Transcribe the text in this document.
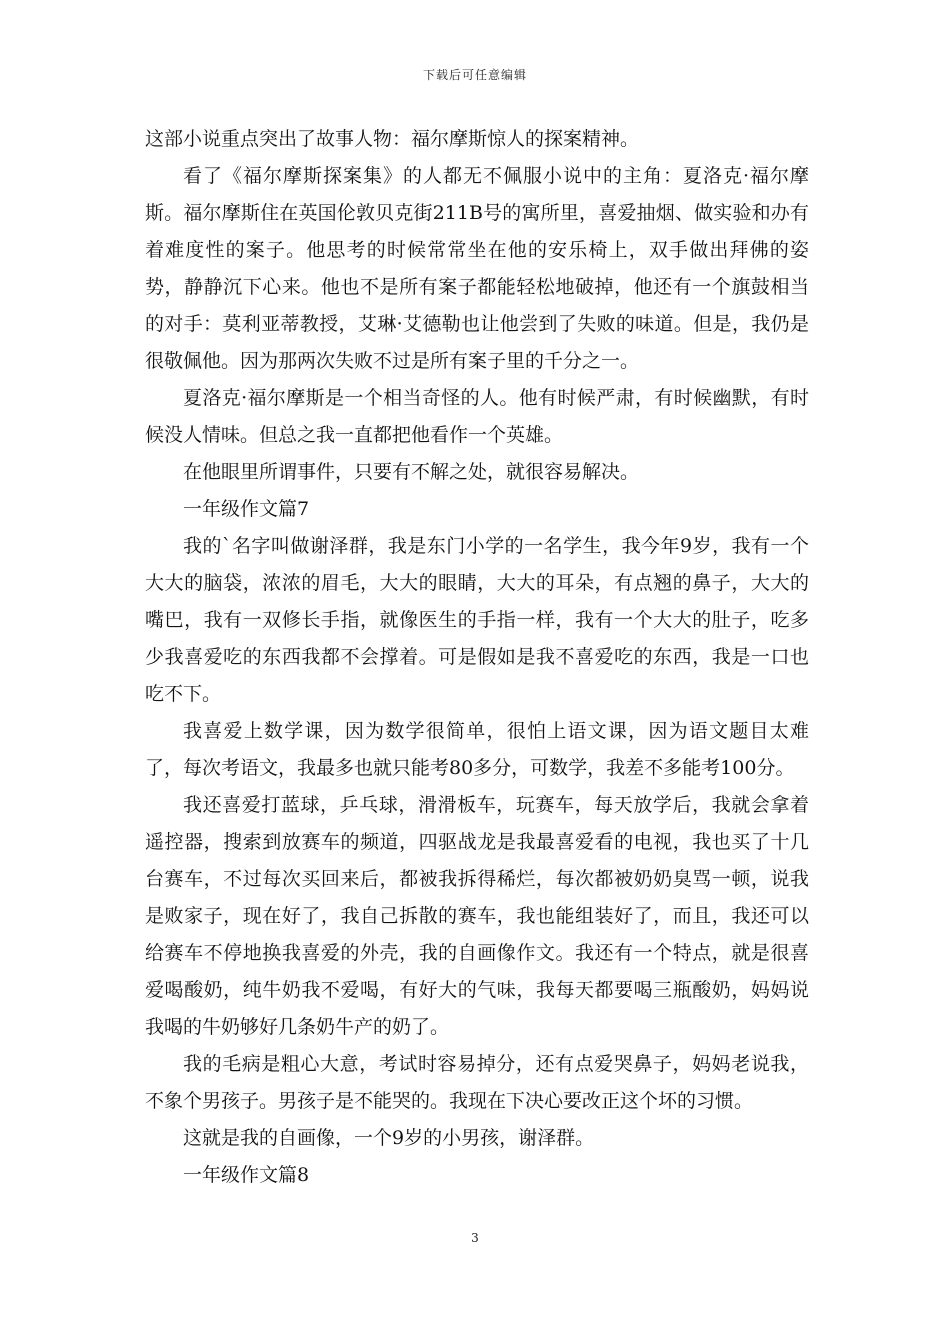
下载后可任意编辑

这部小说重点突出了故事人物：福尔摩斯惊人的探案精神。

看了《福尔摩斯探案集》的人都无不佩服小说中的主角：夏洛克·福尔摩斯。福尔摩斯住在英国伦敦贝克街211B号的寓所里，喜爱抽烟、做实验和办有着难度性的案子。他思考的时候常常坐在他的安乐椅上，双手做出拜佛的姿势，静静沉下心来。他也不是所有案子都能轻松地破掉，他还有一个旗鼓相当的对手：莫利亚蒂教授，艾琳·艾德勒也让他尝到了失败的味道。但是，我仍是很敬佩他。因为那两次失败不过是所有案子里的千分之一。

夏洛克·福尔摩斯是一个相当奇怪的人。他有时候严肃，有时候幽默，有时候没人情味。但总之我一直都把他看作一个英雄。

在他眼里所谓事件，只要有不解之处，就很容易解决。

一年级作文篇7

我的`名字叫做谢泽群，我是东门小学的一名学生，我今年9岁，我有一个大大的脑袋，浓浓的眉毛，大大的眼睛，大大的耳朵，有点翘的鼻子，大大的嘴巴，我有一双修长手指，就像医生的手指一样，我有一个大大的肚子，吃多少我喜爱吃的东西我都不会撑着。可是假如是我不喜爱吃的东西，我是一口也吃不下。

我喜爱上数学课，因为数学很简单，很怕上语文课，因为语文题目太难了，每次考语文，我最多也就只能考80多分，可数学，我差不多能考100分。

我还喜爱打蓝球，乒乓球，滑滑板车，玩赛车，每天放学后，我就会拿着遥控器，搜索到放赛车的频道，四驱战龙是我最喜爱看的电视，我也买了十几台赛车，不过每次买回来后，都被我拆得稀烂，每次都被奶奶臭骂一顿，说我是败家子，现在好了，我自己拆散的赛车，我也能组装好了，而且，我还可以给赛车不停地换我喜爱的外壳，我的自画像作文。我还有一个特点，就是很喜爱喝酸奶，纯牛奶我不爱喝，有好大的气味，我每天都要喝三瓶酸奶，妈妈说我喝的牛奶够好几条奶牛产的奶了。

我的毛病是粗心大意，考试时容易掉分，还有点爱哭鼻子，妈妈老说我，不象个男孩子。男孩子是不能哭的。我现在下决心要改正这个坏的习惯。

这就是我的自画像，一个9岁的小男孩，谢泽群。

一年级作文篇8

3
